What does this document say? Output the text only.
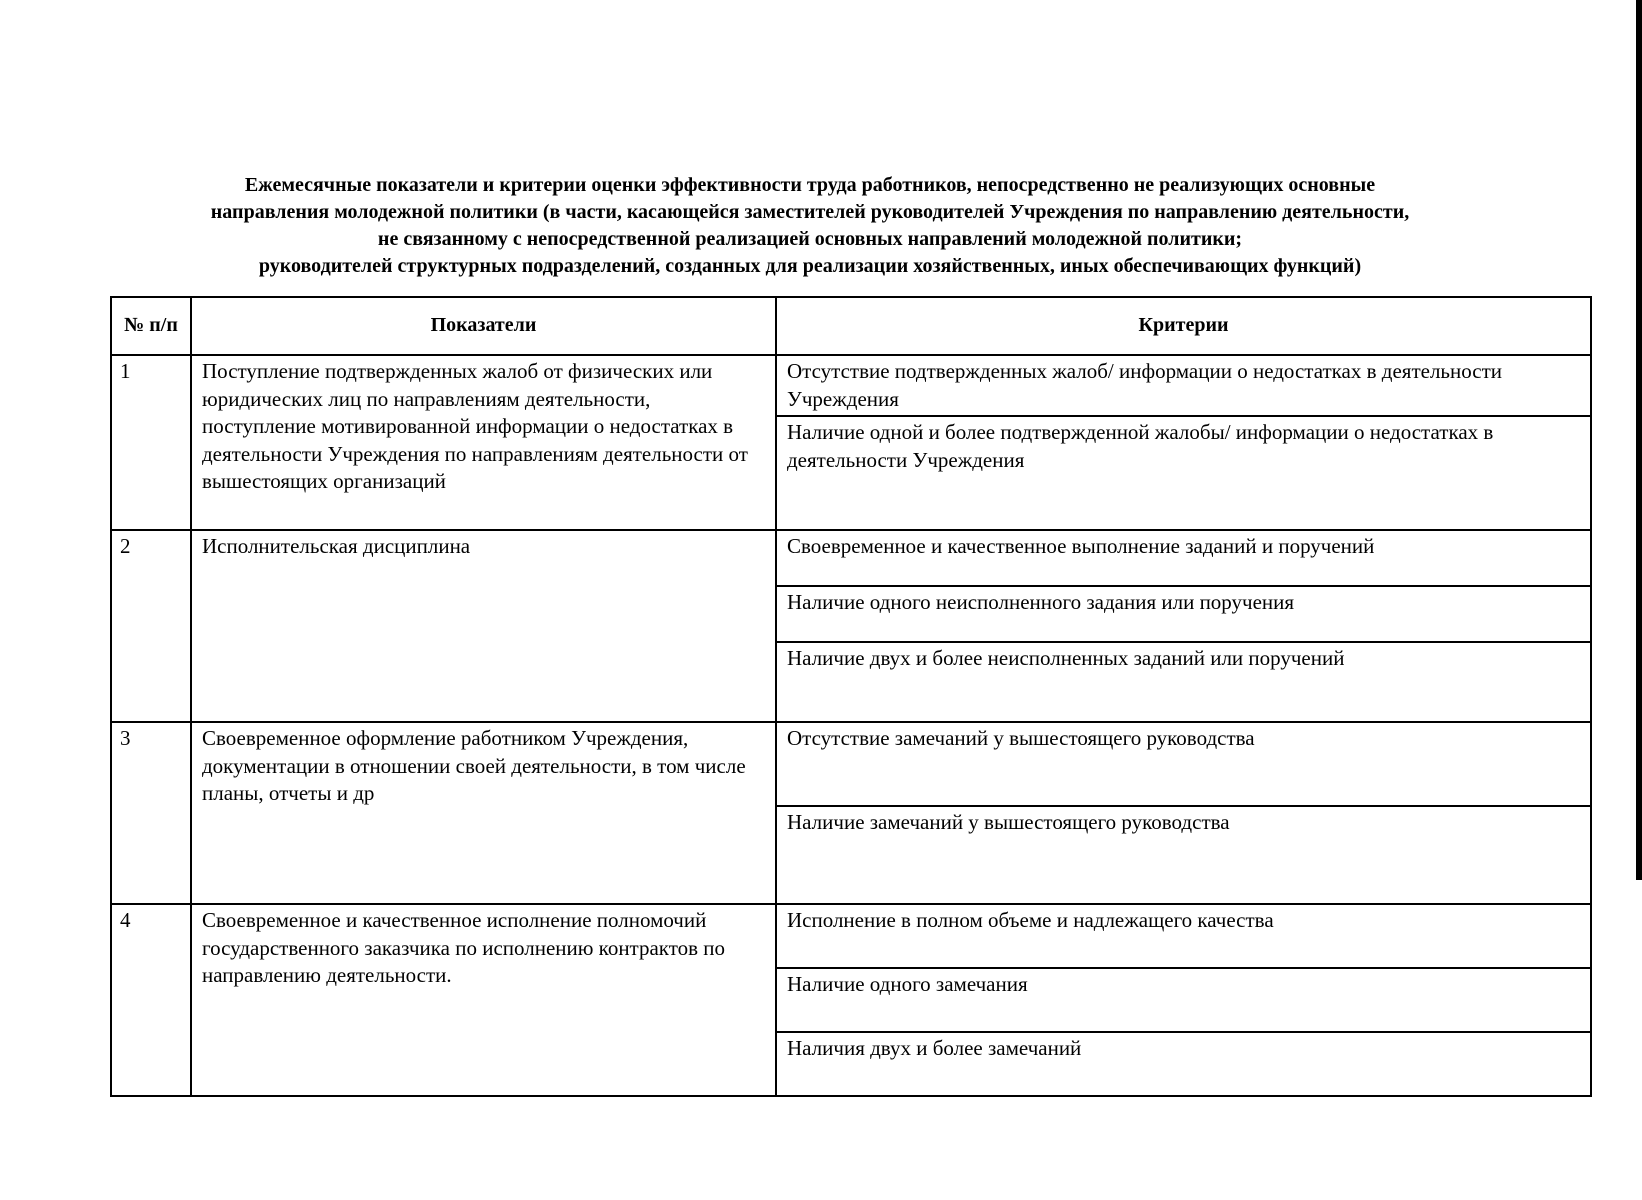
Ежемесячные показатели и критерии оценки эффективности труда работников, непосредственно не реализующих основные
направления молодежной политики (в части, касающейся заместителей руководителей Учреждения по направлению деятельности,
не связанному с непосредственной реализацией основных направлений молодежной политики;
руководителей структурных подразделений, созданных для реализации хозяйственных, иных обеспечивающих функций)
№ п/п	Показатели	Критерии
1	Поступление подтвержденных жалоб от физических или юридических лиц по направлениям деятельности, поступление мотивированной информации о недостатках в деятельности Учреждения по направлениям деятельности от вышестоящих организаций	Отсутствие подтвержденных жалоб/ информации о недостатках в деятельности Учреждения
		Наличие одной и более подтвержденной жалобы/ информации о недостатках в деятельности Учреждения
2	Исполнительская дисциплина	Своевременное и качественное выполнение заданий и поручений
		Наличие одного неисполненного задания или поручения
		Наличие двух и более неисполненных заданий или поручений
3	Своевременное оформление работником Учреждения, документации в отношении своей деятельности, в том числе планы, отчеты и др	Отсутствие замечаний у вышестоящего руководства
		Наличие замечаний у вышестоящего руководства
4	Своевременное и качественное исполнение полномочий государственного заказчика по исполнению контрактов по направлению деятельности.	Исполнение в полном объеме и надлежащего качества
		Наличие одного замечания
		Наличия двух и более замечаний
